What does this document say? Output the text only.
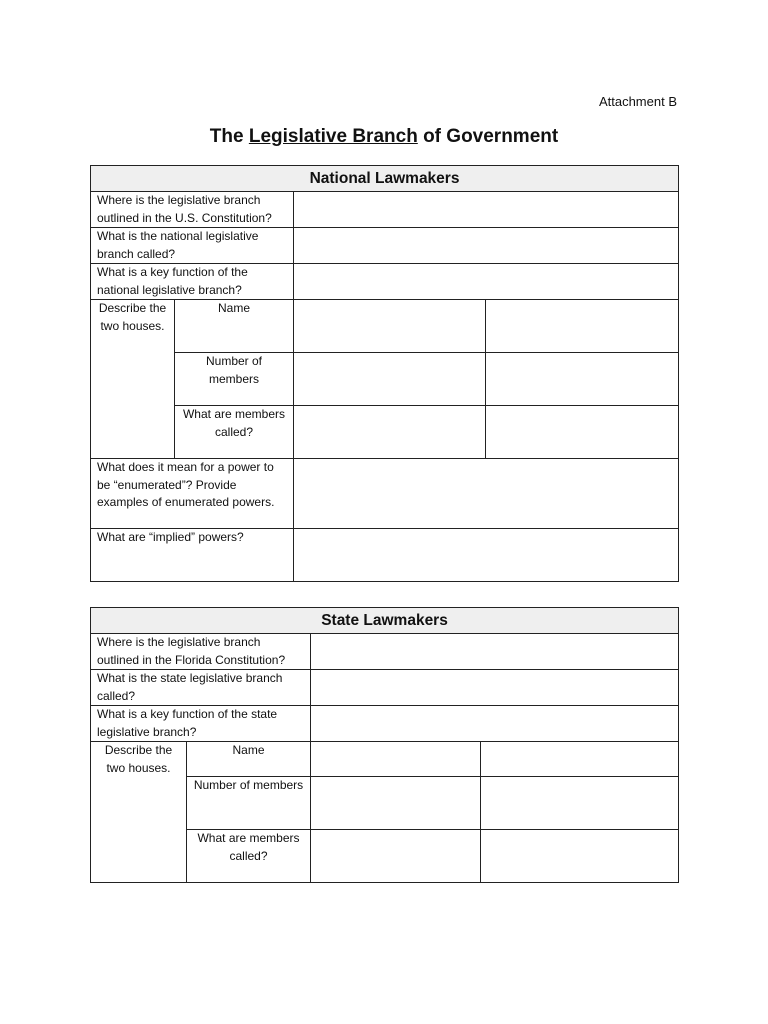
Attachment B
The Legislative Branch of Government
National Lawmakers			
Where is the legislative branch outlined in the U.S. Constitution?			
What is the national legislative branch called?			
What is a key function of the national legislative branch?			
Describe the two houses.	Name		
	Number of members		
	What are members called?		
What does it mean for a power to be “enumerated”? Provide examples of enumerated powers.			
What are “implied” powers?			
State Lawmakers			
Where is the legislative branch outlined in the Florida Constitution?			
What is the state legislative branch called?			
What is a key function of the state legislative branch?			
Describe the two houses.	Name		
	Number of members		
	What are members called?		
